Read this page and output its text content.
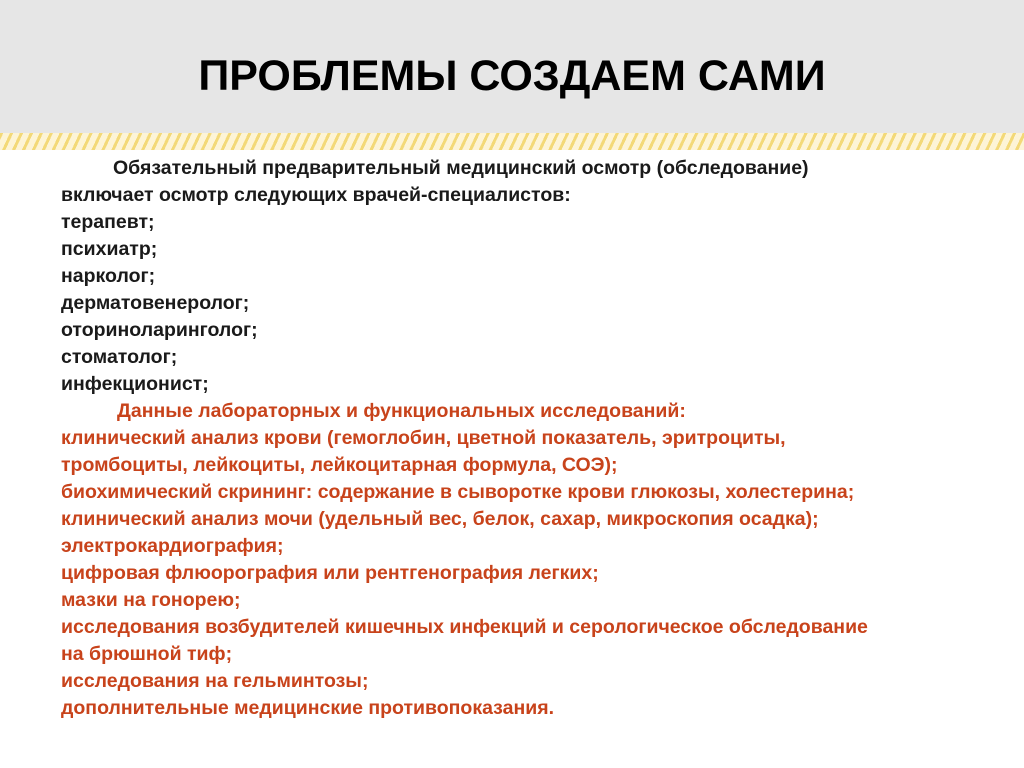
ПРОБЛЕМЫ СОЗДАЕМ САМИ
Обязательный предварительный медицинский осмотр (обследование)
включает осмотр следующих врачей-специалистов:
терапевт;
психиатр;
нарколог;
дерматовенеролог;
оториноларинголог;
стоматолог;
инфекционист;
Данные лабораторных и функциональных исследований:
клинический анализ крови (гемоглобин, цветной показатель, эритроциты,
тромбоциты, лейкоциты, лейкоцитарная формула, СОЭ);
биохимический скрининг: содержание в сыворотке крови глюкозы, холестерина;
клинический анализ мочи (удельный вес, белок, сахар, микроскопия осадка);
электрокардиография;
цифровая флюорография или рентгенография легких;
мазки на гонорею;
исследования возбудителей кишечных инфекций и серологическое обследование
на брюшной тиф;
исследования на гельминтозы;
дополнительные медицинские противопоказания.
